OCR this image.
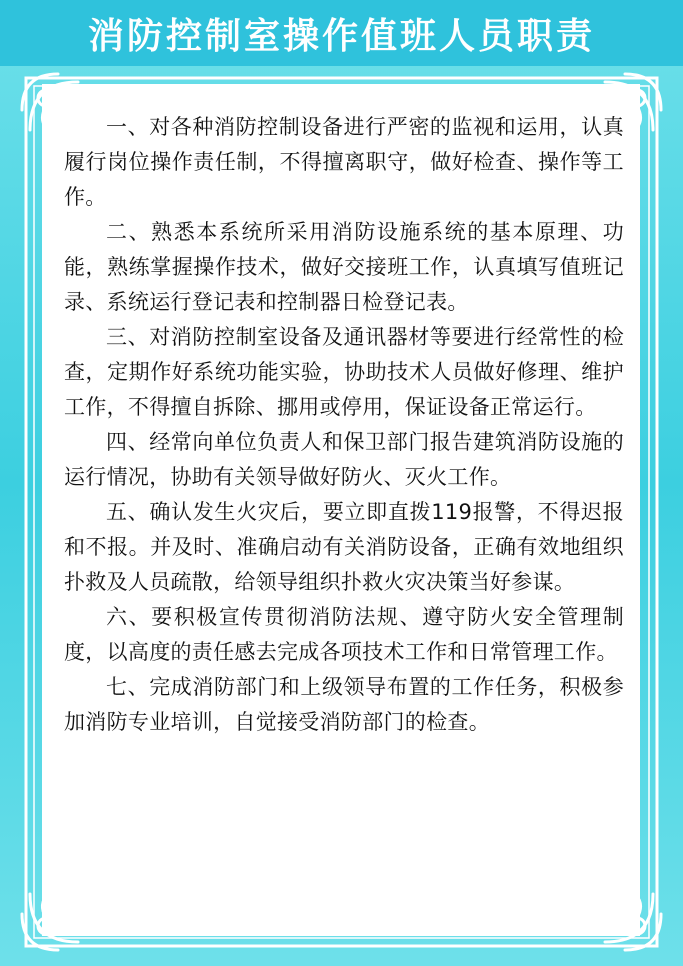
消防控制室操作值班人员职责

一、对各种消防控制设备进行严密的监视和运用，认真履行岗位操作责任制，不得擅离职守，做好检查、操作等工作。

二、熟悉本系统所采用消防设施系统的基本原理、功能，熟练掌握操作技术，做好交接班工作，认真填写值班记录、系统运行登记表和控制器日检登记表。

三、对消防控制室设备及通讯器材等要进行经常性的检查，定期作好系统功能实验，协助技术人员做好修理、维护工作，不得擅自拆除、挪用或停用，保证设备正常运行。

四、经常向单位负责人和保卫部门报告建筑消防设施的运行情况，协助有关领导做好防火、灭火工作。

五、确认发生火灾后，要立即直拨119报警，不得迟报和不报。并及时、准确启动有关消防设备，正确有效地组织扑救及人员疏散，给领导组织扑救火灾决策当好参谋。

六、要积极宣传贯彻消防法规、遵守防火安全管理制度，以高度的责任感去完成各项技术工作和日常管理工作。

七、完成消防部门和上级领导布置的工作任务，积极参加消防专业培训，自觉接受消防部门的检查。
